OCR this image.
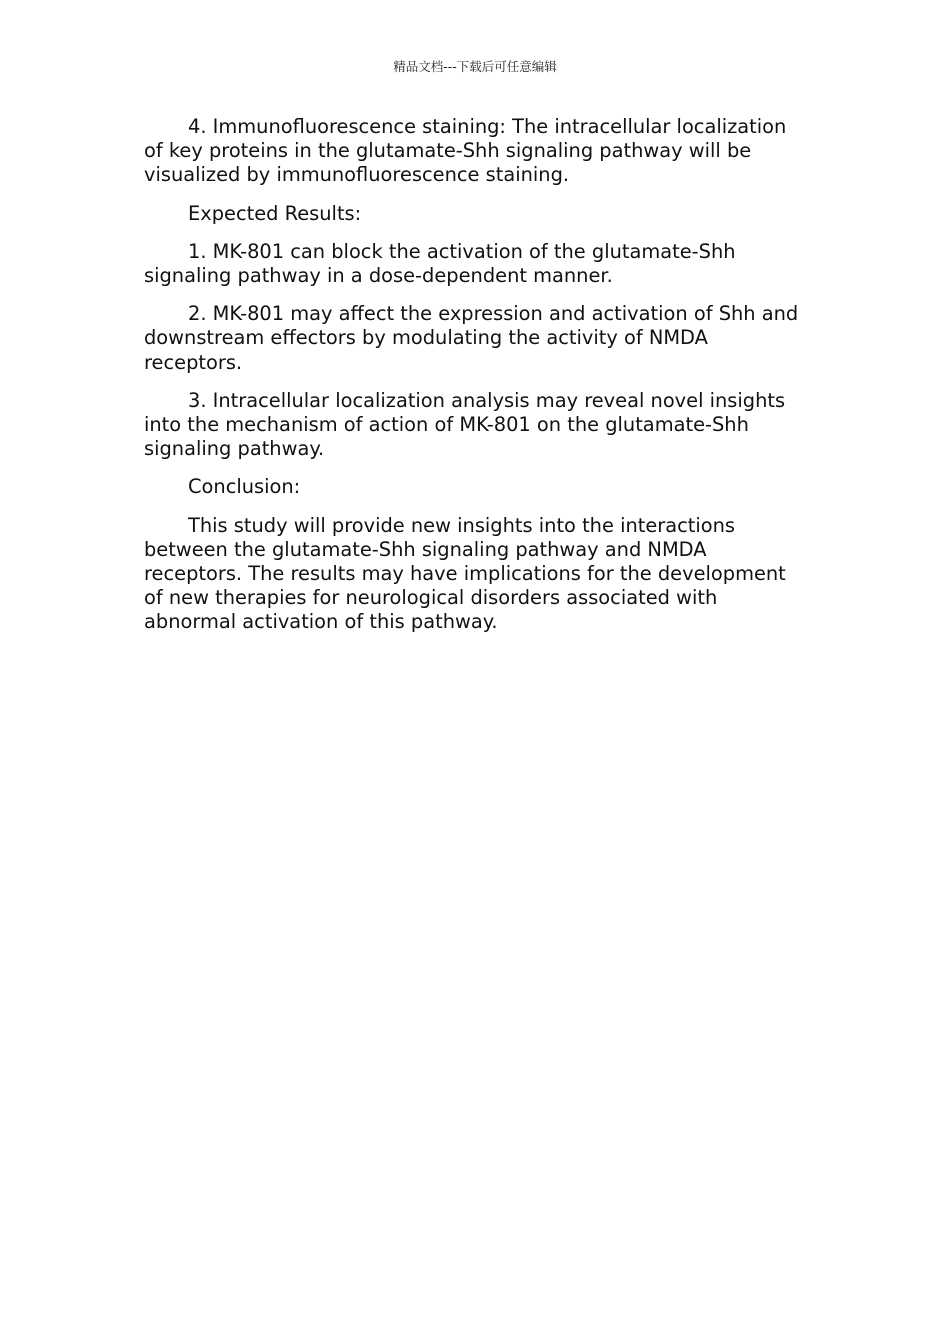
精品文档---下载后可任意编辑

4. Immunofluorescence staining: The intracellular localization of key proteins in the glutamate-Shh signaling pathway will be visualized by immunofluorescence staining.

Expected Results:

1. MK-801 can block the activation of the glutamate-Shh signaling pathway in a dose-dependent manner.

2. MK-801 may affect the expression and activation of Shh and downstream effectors by modulating the activity of NMDA receptors.

3. Intracellular localization analysis may reveal novel insights into the mechanism of action of MK-801 on the glutamate-Shh signaling pathway.

Conclusion:

This study will provide new insights into the interactions between the glutamate-Shh signaling pathway and NMDA receptors. The results may have implications for the development of new therapies for neurological disorders associated with abnormal activation of this pathway.
